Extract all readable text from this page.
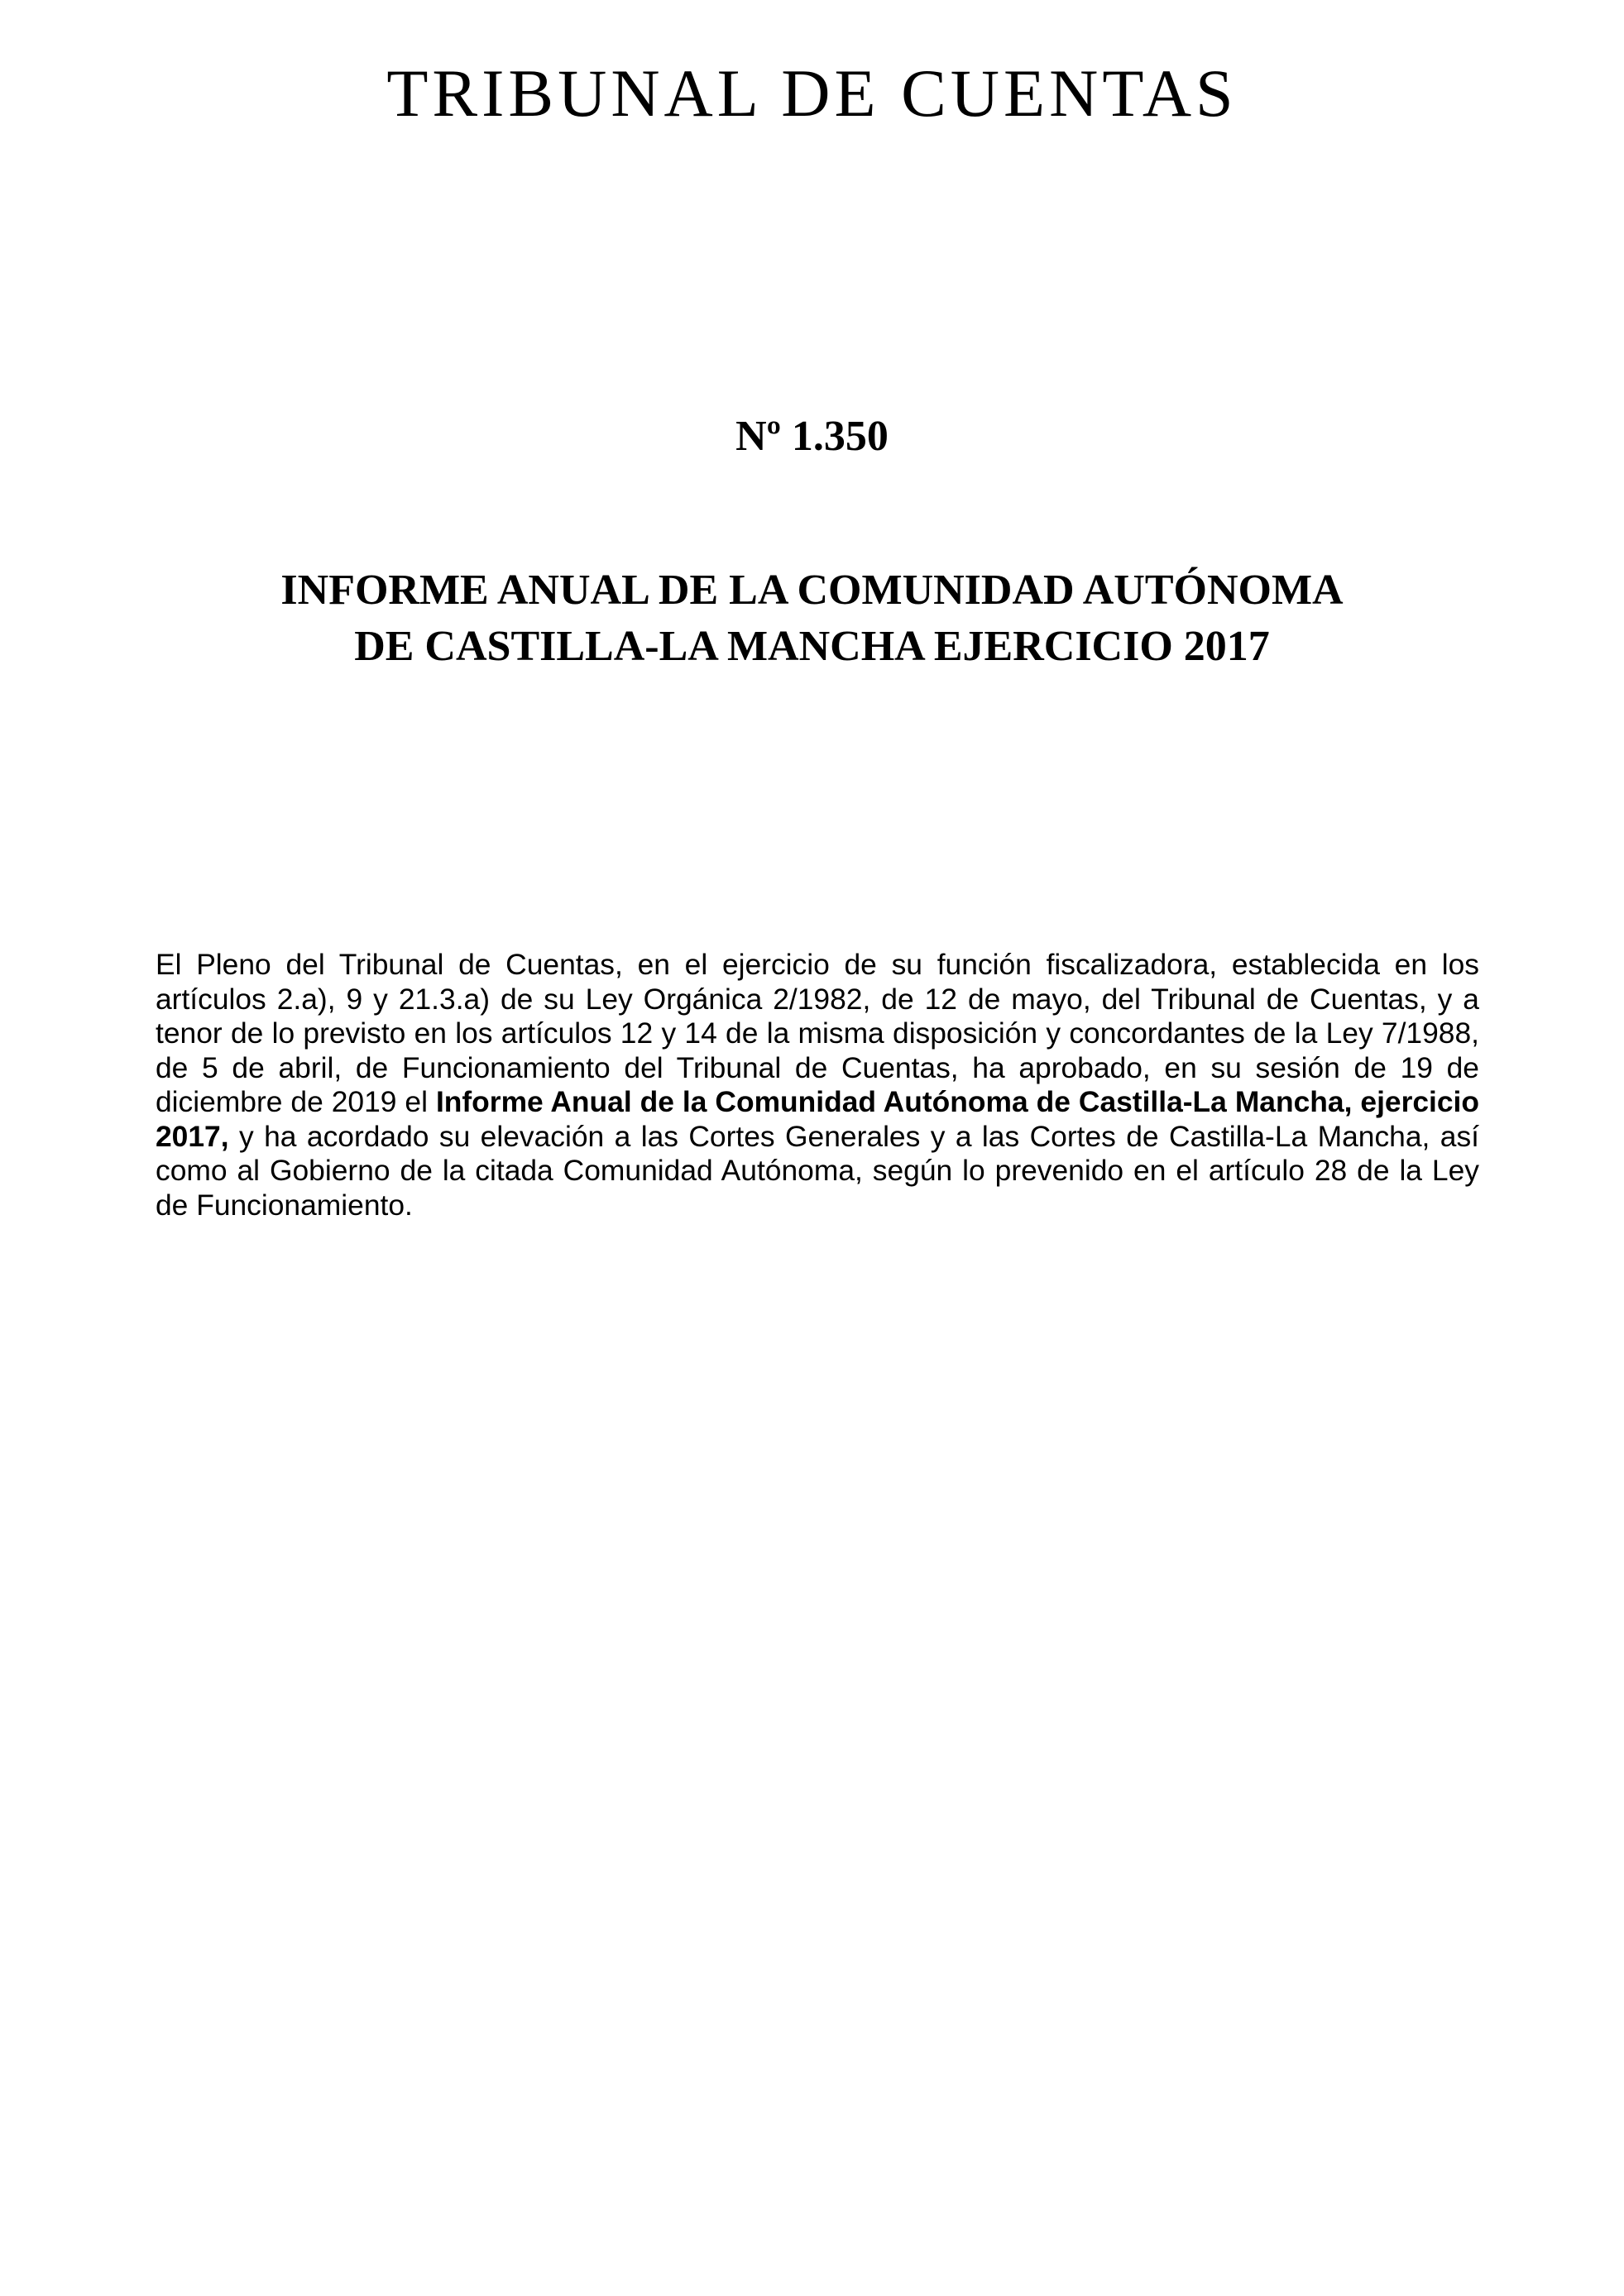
TRIBUNAL DE CUENTAS
Nº 1.350
INFORME ANUAL DE LA COMUNIDAD AUTÓNOMA
DE CASTILLA-LA MANCHA EJERCICIO 2017

El Pleno del Tribunal de Cuentas, en el ejercicio de su función fiscalizadora, establecida en los artículos 2.a), 9 y 21.3.a) de su Ley Orgánica 2/1982, de 12 de mayo, del Tribunal de Cuentas, y a tenor de lo previsto en los artículos 12 y 14 de la misma disposición y concordantes de la Ley 7/1988, de 5 de abril, de Funcionamiento del Tribunal de Cuentas, ha aprobado, en su sesión de 19 de diciembre de 2019 el Informe Anual de la Comunidad Autónoma de Castilla-La Mancha, ejercicio 2017, y ha acordado su elevación a las Cortes Generales y a las Cortes de Castilla-La Mancha, así como al Gobierno de la citada Comunidad Autónoma, según lo prevenido en el artículo 28 de la Ley de Funcionamiento.
